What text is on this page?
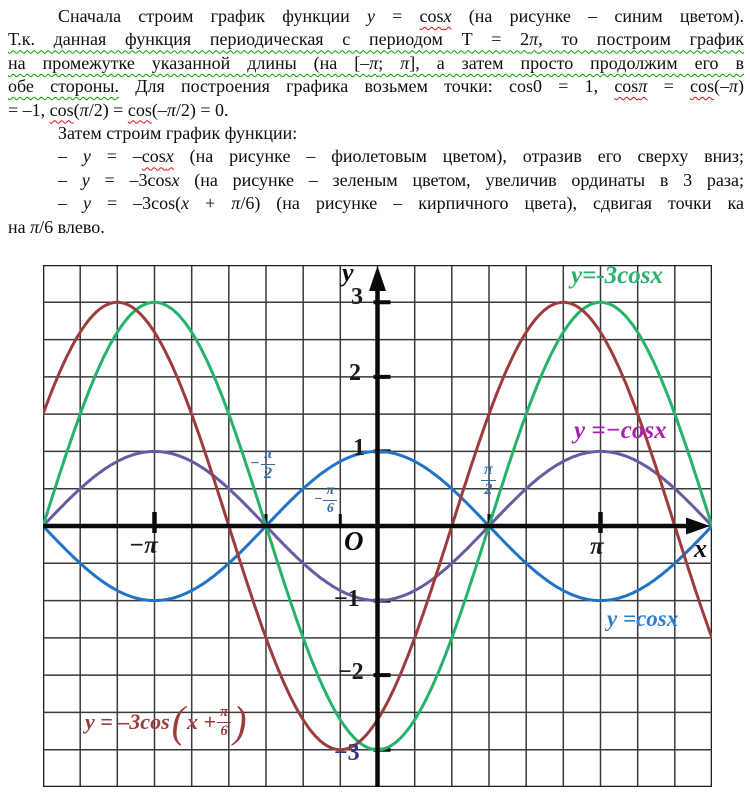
Сначала строим график функции y = cosx (на рисунке – синим цветом).
Т.к. данная функция периодическая с периодом Т = 2π, то построим график
на промежутке указанной длины (на [–π; π], а затем просто продолжим его в
обе стороны. Для построения графика возьмем точки: cos0 = 1, cosπ = cos(–π)
= –1, cos(π/2) = cos(–π/2) = 0.
Затем строим график функции:
– y = –cosx (на рисунке – фиолетовым цветом), отразив его сверху вниз;
– y = –3cosx (на рисунке – зеленым цветом, увеличив ординаты в 3 раза;
– y = –3cos(x + π/6) (на рисунке – кирпичного цвета), сдвигая точки ка
на π/6 влево.
y
x
O
3
2
1
−1
−2
−3
−π	π
− $\frac{\pi}{2}$
− $\frac{\pi}{6}$
$\frac{\pi}{2}$
y=-3cosx
y =−cosx
y =cosx
y = –3cos ( $x + \frac{\pi}{6}$ )
